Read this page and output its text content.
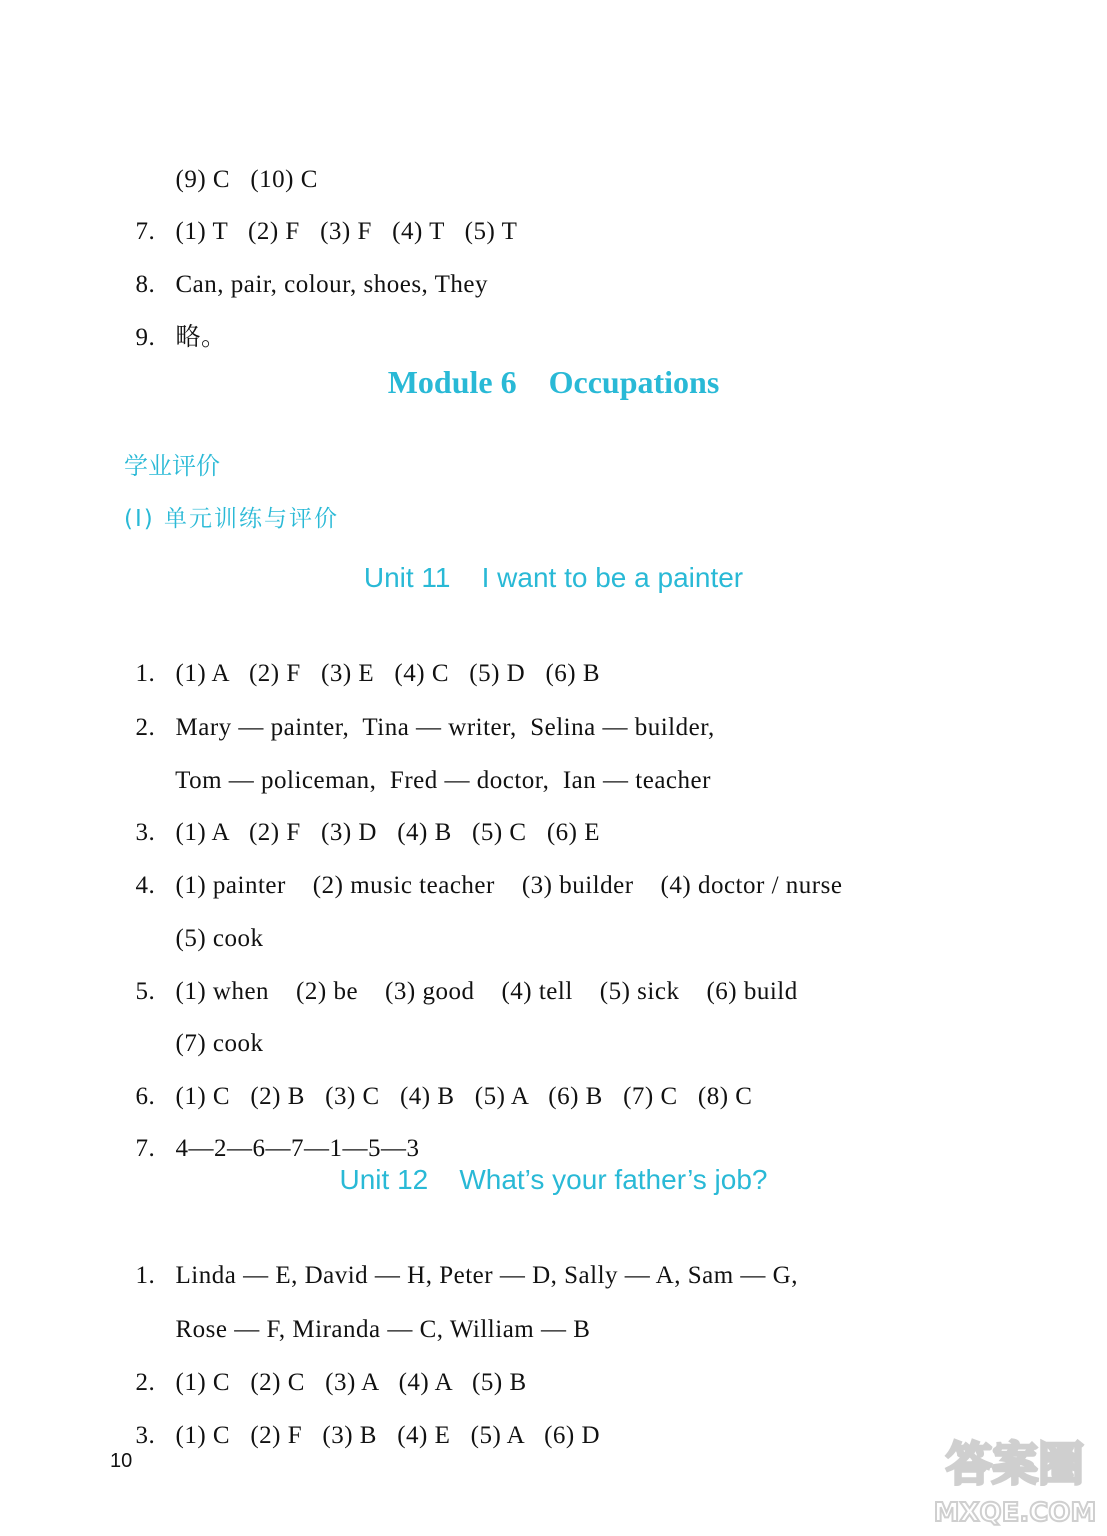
(9) C   (10) C

7. (1) T   (2) F   (3) F   (4) T   (5) T

8. Can, pair, colour, shoes, They

9. 略。

Module 6    Occupations
学业评价
(Ⅰ) 单元训练与评价
Unit 11    I want to be a painter

1. (1) A   (2) F   (3) E   (4) C   (5) D   (6) B

2. Mary — painter,  Tina — writer,  Selina — builder,

Tom — policeman,  Fred — doctor,  Ian — teacher

3. (1) A   (2) F   (3) D   (4) B   (5) C   (6) E

4. (1) painter    (2) music teacher    (3) builder    (4) doctor / nurse

(5) cook

5. (1) when    (2) be    (3) good    (4) tell    (5) sick    (6) build

(7) cook

6. (1) C   (2) B   (3) C   (4) B   (5) A   (6) B   (7) C   (8) C

7. 4—2—6—7—1—5—3

Unit 12    What’s your father’s job?

1. Linda — E, David — H, Peter — D, Sally — A, Sam — G,

Rose — F, Miranda — C, William — B

2. (1) C   (2) C   (3) A   (4) A   (5) B

3. (1) C   (2) F   (3) B   (4) E   (5) A   (6) D

10	答案圈
MXQE.COM
